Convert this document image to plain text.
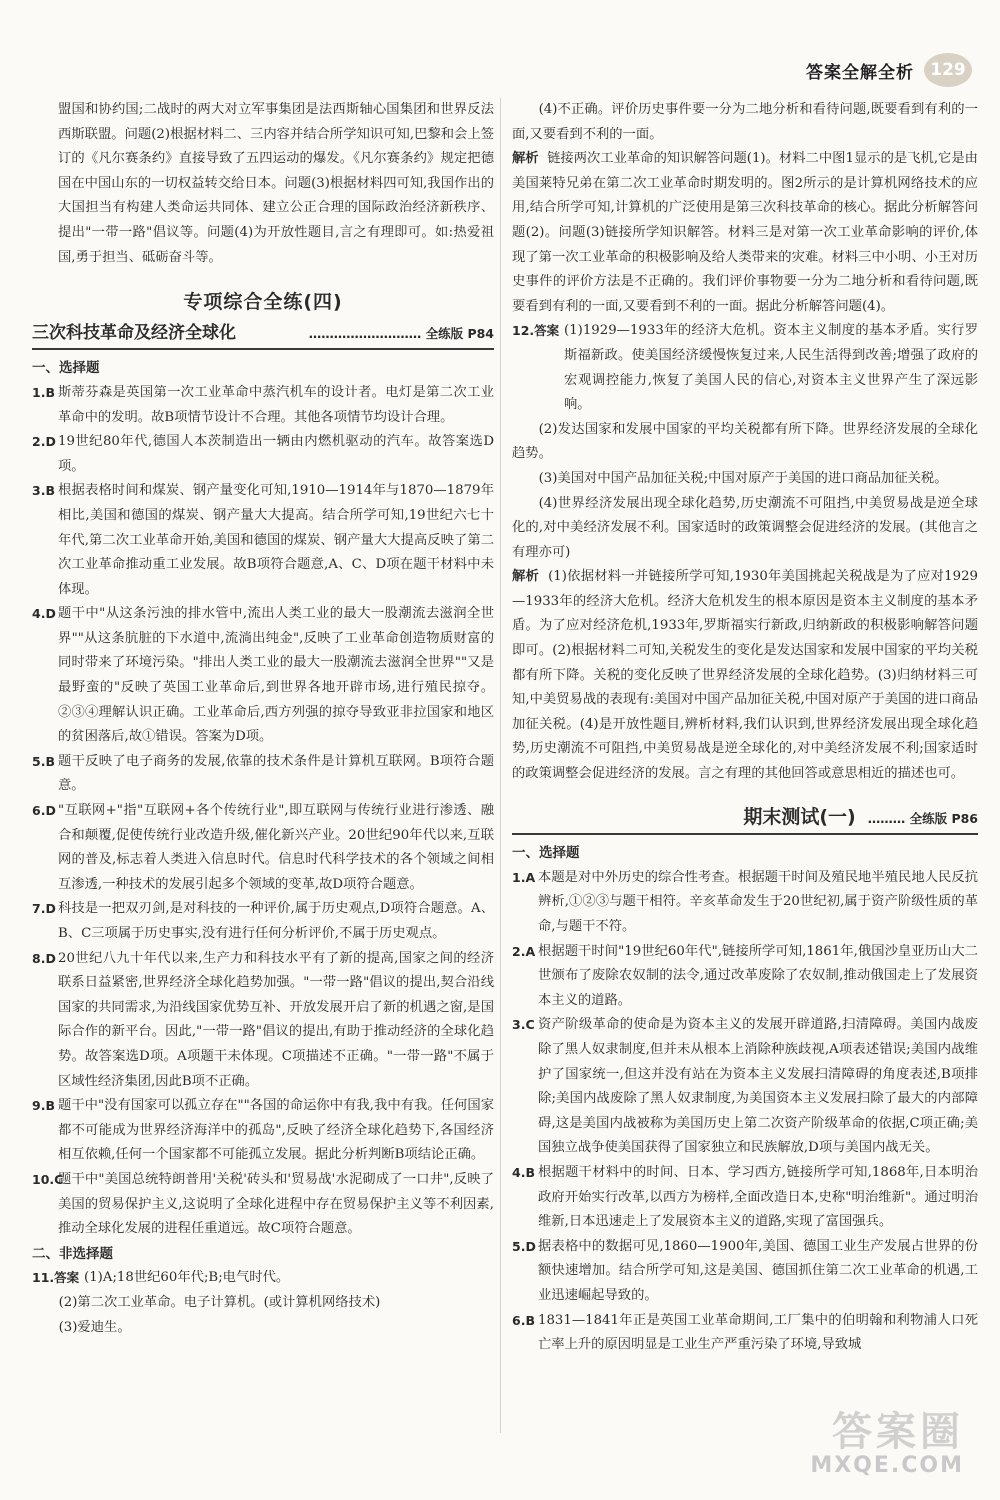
答案全解全析 129

盟国和协约国;二战时的两大对立军事集团是法西斯轴心国集团和世界反法西斯联盟。问题(2)根据材料二、三内容并结合所学知识可知,巴黎和会上签订的《凡尔赛条约》直接导致了五四运动的爆发。《凡尔赛条约》规定把德国在中国山东的一切权益转交给日本。问题(3)根据材料四可知,我国作出的大国担当有构建人类命运共同体、建立公正合理的国际政治经济新秩序、提出"一带一路"倡议等。问题(4)为开放性题目,言之有理即可。如:热爱祖国,勇于担当、砥砺奋斗等。

专项综合全练(四)
三次科技革命及经济全球化	……………………… 全练版 P84
一、选择题
1.B 斯蒂芬森是英国第一次工业革命中蒸汽机车的设计者。电灯是第二次工业革命中的发明。故B项情节设计不合理。其他各项情节均设计合理。
2.D 19世纪80年代,德国人本茨制造出一辆由内燃机驱动的汽车。故答案选D项。
3.B 根据表格时间和煤炭、钢产量变化可知,1910—1914年与1870—1879年相比,美国和德国的煤炭、钢产量大大提高。结合所学可知,19世纪六七十年代,第二次工业革命开始,美国和德国的煤炭、钢产量大大提高反映了第二次工业革命推动重工业发展。故B项符合题意,A、C、D项在题干材料中未体现。
4.D 题干中"从这条污浊的排水管中,流出人类工业的最大一股潮流去滋润全世界""从这条肮脏的下水道中,流淌出纯金",反映了工业革命创造物质财富的同时带来了环境污染。"排出人类工业的最大一股潮流去滋润全世界""又是最野蛮的"反映了英国工业革命后,到世界各地开辟市场,进行殖民掠夺。②③④理解认识正确。工业革命后,西方列强的掠夺导致亚非拉国家和地区的贫困落后,故①错误。答案为D项。
5.B 题干反映了电子商务的发展,依靠的技术条件是计算机互联网。B项符合题意。
6.D "互联网+"指"互联网+各个传统行业",即互联网与传统行业进行渗透、融合和颠覆,促使传统行业改造升级,催化新兴产业。20世纪90年代以来,互联网的普及,标志着人类进入信息时代。信息时代科学技术的各个领域之间相互渗透,一种技术的发展引起多个领域的变革,故D项符合题意。
7.D 科技是一把双刃剑,是对科技的一种评价,属于历史观点,D项符合题意。A、B、C三项属于历史事实,没有进行任何分析评价,不属于历史观点。
8.D 20世纪八九十年代以来,生产力和科技水平有了新的提高,国家之间的经济联系日益紧密,世界经济全球化趋势加强。"一带一路"倡议的提出,契合沿线国家的共同需求,为沿线国家优势互补、开放发展开启了新的机遇之窗,是国际合作的新平台。因此,"一带一路"倡议的提出,有助于推动经济的全球化趋势。故答案选D项。A项题干未体现。C项描述不正确。"一带一路"不属于区域性经济集团,因此B项不正确。
9.B 题干中"没有国家可以孤立存在""各国的命运你中有我,我中有我。任何国家都不可能成为世界经济海洋中的孤岛",反映了经济全球化趋势下,各国经济相互依赖,任何一个国家都不可能孤立发展。据此分析判断B项结论正确。
10.C
题干中"美国总统特朗普用'关税'砖头和'贸易战'水泥砌成了一口井",反映了美国的贸易保护主义,这说明了全球化进程中存在贸易保护主义等不利因素,推动全球化发展的进程任重道远。故C项符合题意。
二、非选择题
11.答案 (1)A;18世纪60年代;B;电气时代。

(2)第二次工业革命。电子计算机。(或计算机网络技术)

(3)爱迪生。

(4)不正确。评价历史事件要一分为二地分析和看待问题,既要看到有利的一面,又要看到不利的一面。

解析 链接两次工业革命的知识解答问题(1)。材料二中图1显示的是飞机,它是由美国莱特兄弟在第二次工业革命时期发明的。图2所示的是计算机网络技术的应用,结合所学可知,计算机的广泛使用是第三次科技革命的核心。据此分析解答问题(2)。问题(3)链接所学知识解答。材料三是对第一次工业革命影响的评价,体现了第一次工业革命的积极影响及给人类带来的灾难。材料三中小明、小王对历史事件的评价方法是不正确的。我们评价事物要一分为二地分析和看待问题,既要看到有利的一面,又要看到不利的一面。据此分析解答问题(4)。

12.答案 (1)1929—1933年的经济大危机。资本主义制度的基本矛盾。实行罗斯福新政。使美国经济缓慢恢复过来,人民生活得到改善;增强了政府的宏观调控能力,恢复了美国人民的信心,对资本主义世界产生了深远影响。

(2)发达国家和发展中国家的平均关税都有所下降。世界经济发展的全球化趋势。

(3)美国对中国产品加征关税;中国对原产于美国的进口商品加征关税。

(4)世界经济发展出现全球化趋势,历史潮流不可阻挡,中美贸易战是逆全球化的,对中美经济发展不利。国家适时的政策调整会促进经济的发展。(其他言之有理亦可)

解析 (1)依据材料一并链接所学可知,1930年美国挑起关税战是为了应对1929—1933年的经济大危机。经济大危机发生的根本原因是资本主义制度的基本矛盾。为了应对经济危机,1933年,罗斯福实行新政,归纳新政的积极影响解答问题即可。(2)根据材料二可知,关税发生的变化是发达国家和发展中国家的平均关税都有所下降。关税的变化反映了世界经济发展的全球化趋势。(3)归纳材料三可知,中美贸易战的表现有:美国对中国产品加征关税,中国对原产于美国的进口商品加征关税。(4)是开放性题目,辨析材料,我们认识到,世界经济发展出现全球化趋势,历史潮流不可阻挡,中美贸易战是逆全球化的,对中美经济发展不利;国家适时的政策调整会促进经济的发展。言之有理的其他回答或意思相近的描述也可。

期末测试(一) ……… 全练版 P86
一、选择题
1.A 本题是对中外历史的综合性考查。根据题干时间及殖民地半殖民地人民反抗辨析,①②③与题干相符。辛亥革命发生于20世纪初,属于资产阶级性质的革命,与题干不符。
2.A 根据题干时间"19世纪60年代",链接所学可知,1861年,俄国沙皇亚历山大二世颁布了废除农奴制的法令,通过改革废除了农奴制,推动俄国走上了发展资本主义的道路。
3.C 资产阶级革命的使命是为资本主义的发展开辟道路,扫清障碍。美国内战废除了黑人奴隶制度,但并未从根本上消除种族歧视,A项表述错误;美国内战维护了国家统一,但这并没有站在为资本主义发展扫清障碍的角度表述,B项排除;美国内战废除了黑人奴隶制度,为美国资本主义发展扫除了最大的内部障碍,这是美国内战被称为美国历史上第二次资产阶级革命的依据,C项正确;美国独立战争使美国获得了国家独立和民族解放,D项与美国内战无关。
4.B 根据题干材料中的时间、日本、学习西方,链接所学可知,1868年,日本明治政府开始实行改革,以西方为榜样,全面改造日本,史称"明治维新"。通过明治维新,日本迅速走上了发展资本主义的道路,实现了富国强兵。
5.D 据表格中的数据可见,1860—1900年,美国、德国工业生产发展占世界的份额快速增加。结合所学可知,这是美国、德国抓住第二次工业革命的机遇,工业迅速崛起导致的。
6.B 1831—1841年正是英国工业革命期间,工厂集中的伯明翰和利物浦人口死亡率上升的原因明显是工业生产严重污染了环境,导致城
答案圈
MXQE.COM
